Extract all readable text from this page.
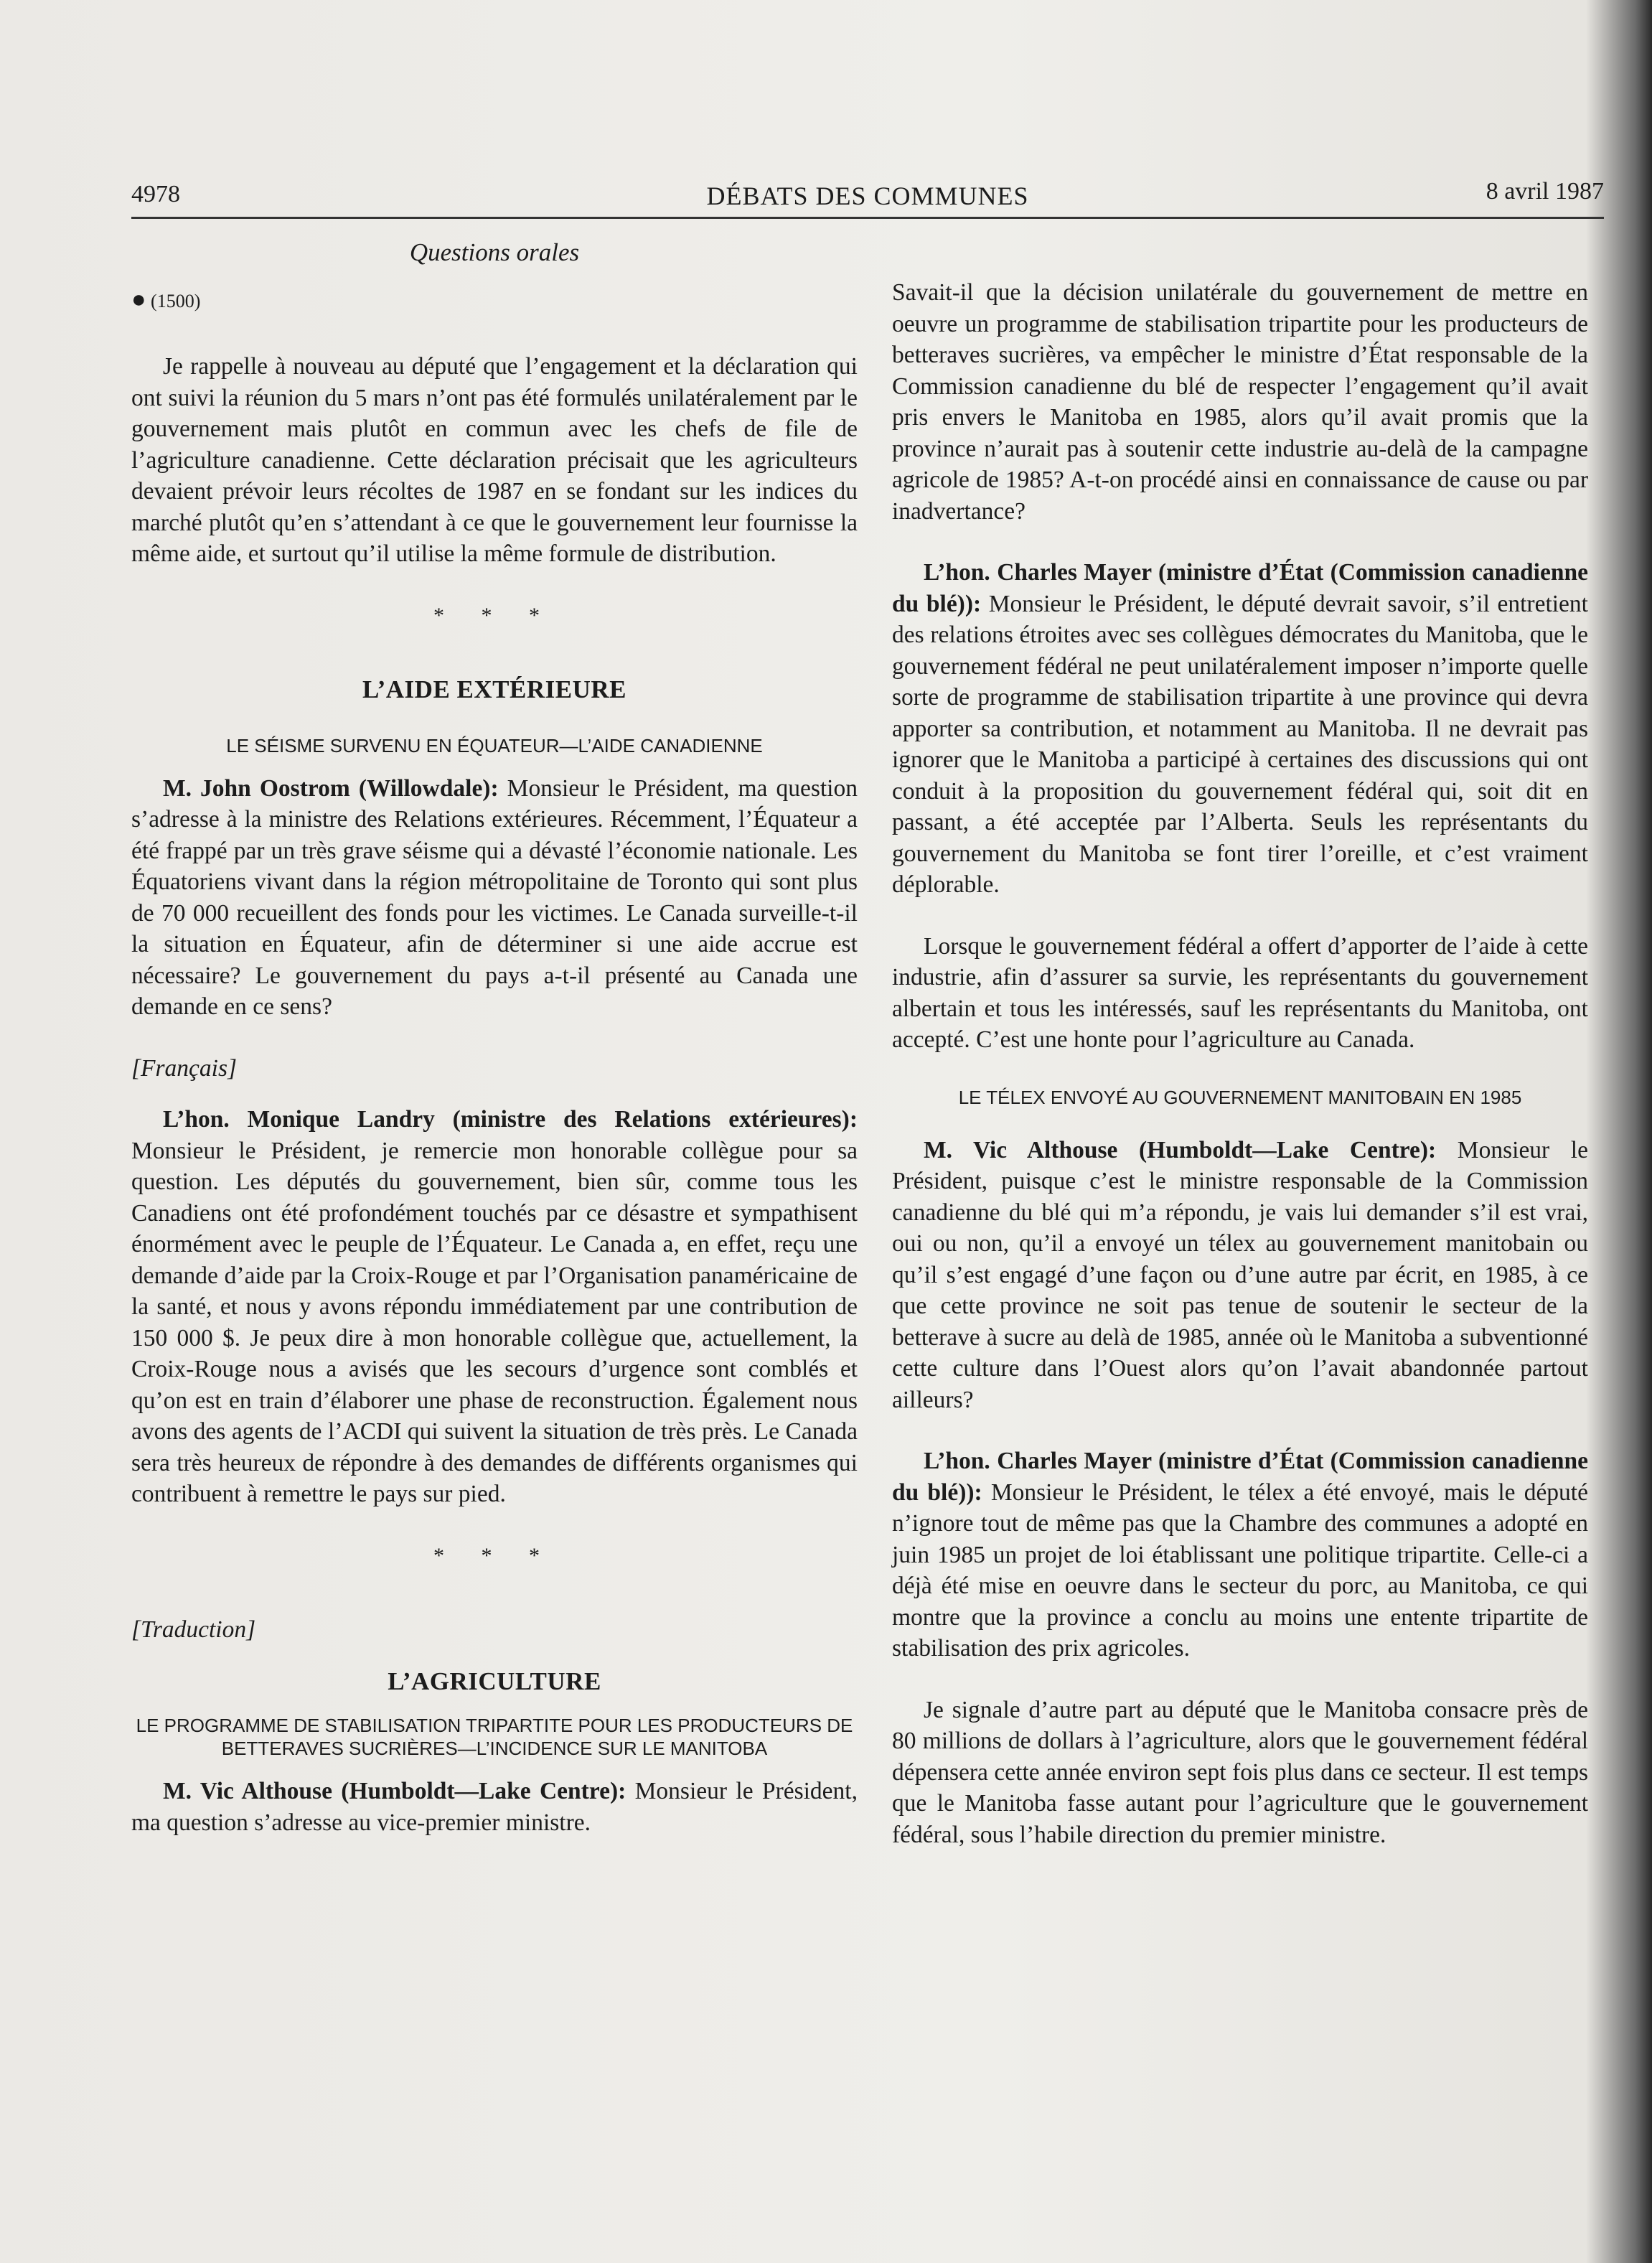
4978	DÉBATS DES COMMUNES	8 avril 1987
Questions orales
● (1500)

Je rappelle à nouveau au député que l’engagement et la déclaration qui ont suivi la réunion du 5 mars n’ont pas été formulés unilatéralement par le gouvernement mais plutôt en commun avec les chefs de file de l’agriculture canadienne. Cette déclaration précisait que les agriculteurs devaient prévoir leurs récoltes de 1987 en se fondant sur les indices du marché plutôt qu’en s’attendant à ce que le gouvernement leur fournisse la même aide, et surtout qu’il utilise la même formule de distribution.

* * *
L’AIDE EXTÉRIEURE
LE SÉISME SURVENU EN ÉQUATEUR—L’AIDE CANADIENNE

M. John Oostrom (Willowdale): Monsieur le Président, ma question s’adresse à la ministre des Relations extérieures. Récemment, l’Équateur a été frappé par un très grave séisme qui a dévasté l’économie nationale. Les Équatoriens vivant dans la région métropolitaine de Toronto qui sont plus de 70 000 recueillent des fonds pour les victimes. Le Canada surveille-t-il la situation en Équateur, afin de déterminer si une aide accrue est nécessaire? Le gouvernement du pays a-t-il présenté au Canada une demande en ce sens?

[Français]

L’hon. Monique Landry (ministre des Relations extérieures): Monsieur le Président, je remercie mon honorable collègue pour sa question. Les députés du gouvernement, bien sûr, comme tous les Canadiens ont été profondément touchés par ce désastre et sympathisent énormément avec le peuple de l’Équateur. Le Canada a, en effet, reçu une demande d’aide par la Croix-Rouge et par l’Organisation panaméricaine de la santé, et nous y avons répondu immédiatement par une contribution de 150 000 $. Je peux dire à mon honorable collègue que, actuellement, la Croix-Rouge nous a avisés que les secours d’urgence sont comblés et qu’on est en train d’élaborer une phase de reconstruction. Également nous avons des agents de l’ACDI qui suivent la situation de très près. Le Canada sera très heureux de répondre à des demandes de différents organismes qui contribuent à remettre le pays sur pied.

* * *

[Traduction]

L’AGRICULTURE
LE PROGRAMME DE STABILISATION TRIPARTITE POUR LES PRODUCTEURS DE BETTERAVES SUCRIÈRES—L’INCIDENCE SUR LE MANITOBA

M. Vic Althouse (Humboldt—Lake Centre): Monsieur le Président, ma question s’adresse au vice-premier ministre.

Savait-il que la décision unilatérale du gouvernement de mettre en oeuvre un programme de stabilisation tripartite pour les producteurs de betteraves sucrières, va empêcher le ministre d’État responsable de la Commission canadienne du blé de respecter l’engagement qu’il avait pris envers le Manitoba en 1985, alors qu’il avait promis que la province n’aurait pas à soutenir cette industrie au-delà de la campagne agricole de 1985? A-t-on procédé ainsi en connaissance de cause ou par inadvertance?

L’hon. Charles Mayer (ministre d’État (Commission canadienne du blé)): Monsieur le Président, le député devrait savoir, s’il entretient des relations étroites avec ses collègues démocrates du Manitoba, que le gouvernement fédéral ne peut unilatéralement imposer n’importe quelle sorte de programme de stabilisation tripartite à une province qui devra apporter sa contribution, et notamment au Manitoba. Il ne devrait pas ignorer que le Manitoba a participé à certaines des discussions qui ont conduit à la proposition du gouvernement fédéral qui, soit dit en passant, a été acceptée par l’Alberta. Seuls les représentants du gouvernement du Manitoba se font tirer l’oreille, et c’est vraiment déplorable.

Lorsque le gouvernement fédéral a offert d’apporter de l’aide à cette industrie, afin d’assurer sa survie, les représentants du gouvernement albertain et tous les intéressés, sauf les représentants du Manitoba, ont accepté. C’est une honte pour l’agriculture au Canada.

LE TÉLEX ENVOYÉ AU GOUVERNEMENT MANITOBAIN EN 1985

M. Vic Althouse (Humboldt—Lake Centre): Monsieur le Président, puisque c’est le ministre responsable de la Commission canadienne du blé qui m’a répondu, je vais lui demander s’il est vrai, oui ou non, qu’il a envoyé un télex au gouvernement manitobain ou qu’il s’est engagé d’une façon ou d’une autre par écrit, en 1985, à ce que cette province ne soit pas tenue de soutenir le secteur de la betterave à sucre au delà de 1985, année où le Manitoba a subventionné cette culture dans l’Ouest alors qu’on l’avait abandonnée partout ailleurs?

L’hon. Charles Mayer (ministre d’État (Commission canadienne du blé)): Monsieur le Président, le télex a été envoyé, mais le député n’ignore tout de même pas que la Chambre des communes a adopté en juin 1985 un projet de loi établissant une politique tripartite. Celle-ci a déjà été mise en oeuvre dans le secteur du porc, au Manitoba, ce qui montre que la province a conclu au moins une entente tripartite de stabilisation des prix agricoles.

Je signale d’autre part au député que le Manitoba consacre près de 80 millions de dollars à l’agriculture, alors que le gouvernement fédéral dépensera cette année environ sept fois plus dans ce secteur. Il est temps que le Manitoba fasse autant pour l’agriculture que le gouvernement fédéral, sous l’habile direction du premier ministre.
